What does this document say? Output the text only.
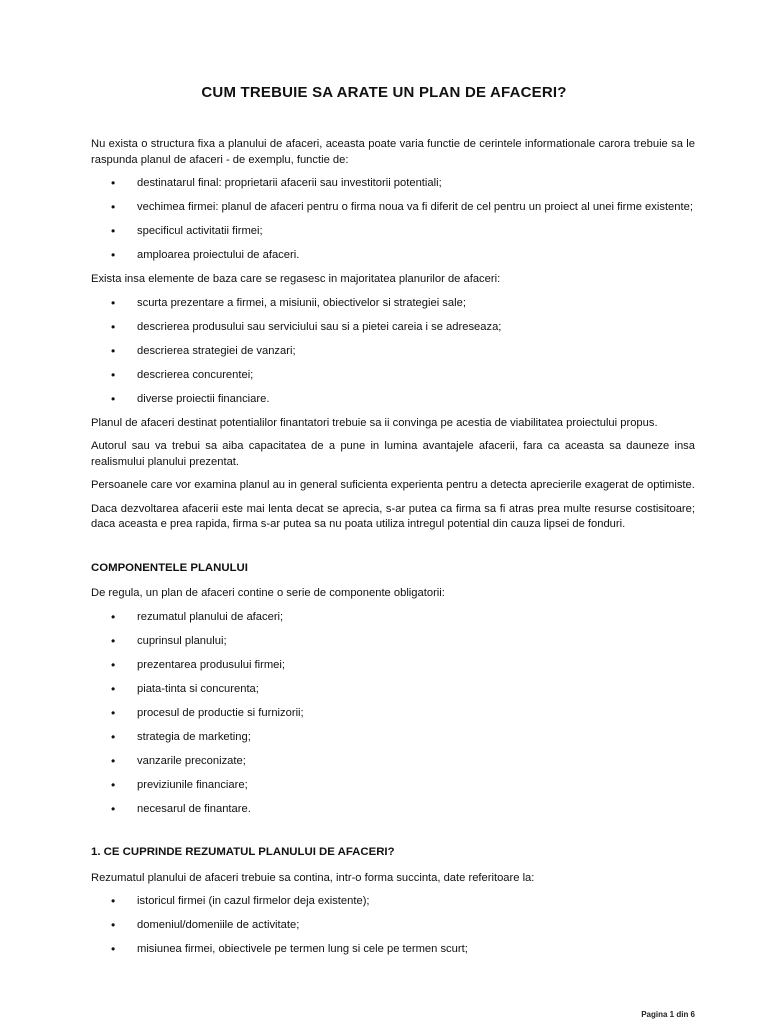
CUM TREBUIE SA ARATE UN PLAN DE AFACERI?

Nu exista o structura fixa a planului de afaceri, aceasta poate varia functie de cerintele informationale carora trebuie sa le raspunda planul de afaceri - de exemplu, functie de:

• destinatarul final: proprietarii afacerii sau investitorii potentiali;
• vechimea firmei: planul de afaceri pentru o firma noua va fi diferit de cel pentru un proiect al unei firme existente;
• specificul activitatii firmei;
• amploarea proiectului de afaceri.

Exista insa elemente de baza care se regasesc in majoritatea planurilor de afaceri:

• scurta prezentare a firmei, a misiunii, obiectivelor si strategiei sale;
• descrierea produsului sau serviciului sau si a pietei careia i se adreseaza;
• descrierea strategiei de vanzari;
• descrierea concurentei;
• diverse proiectii financiare.

Planul de afaceri destinat potentialilor finantatori trebuie sa ii convinga pe acestia de viabilitatea proiectului propus.

Autorul sau va trebui sa aiba capacitatea de a pune in lumina avantajele afacerii, fara ca aceasta sa dauneze insa realismului planului prezentat.

Persoanele care vor examina planul au in general suficienta experienta pentru a detecta aprecierile exagerat de optimiste.

Daca dezvoltarea afacerii este mai lenta decat se aprecia, s-ar putea ca firma sa fi atras prea multe resurse costisitoare; daca aceasta e prea rapida, firma s-ar putea sa nu poata utiliza intregul potential din cauza lipsei de fonduri.

COMPONENTELE PLANULUI

De regula, un plan de afaceri contine o serie de componente obligatorii:

• rezumatul planului de afaceri;
• cuprinsul planului;
• prezentarea produsului firmei;
• piata-tinta si concurenta;
• procesul de productie si furnizorii;
• strategia de marketing;
• vanzarile preconizate;
• previziunile financiare;
• necesarul de finantare.
1. CE CUPRINDE REZUMATUL PLANULUI DE AFACERI?

Rezumatul planului de afaceri trebuie sa contina, intr-o forma succinta, date referitoare la:

• istoricul firmei (in cazul firmelor deja existente);
• domeniul/domeniile de activitate;
• misiunea firmei, obiectivele pe termen lung si cele pe termen scurt;
Pagina 1 din 6
